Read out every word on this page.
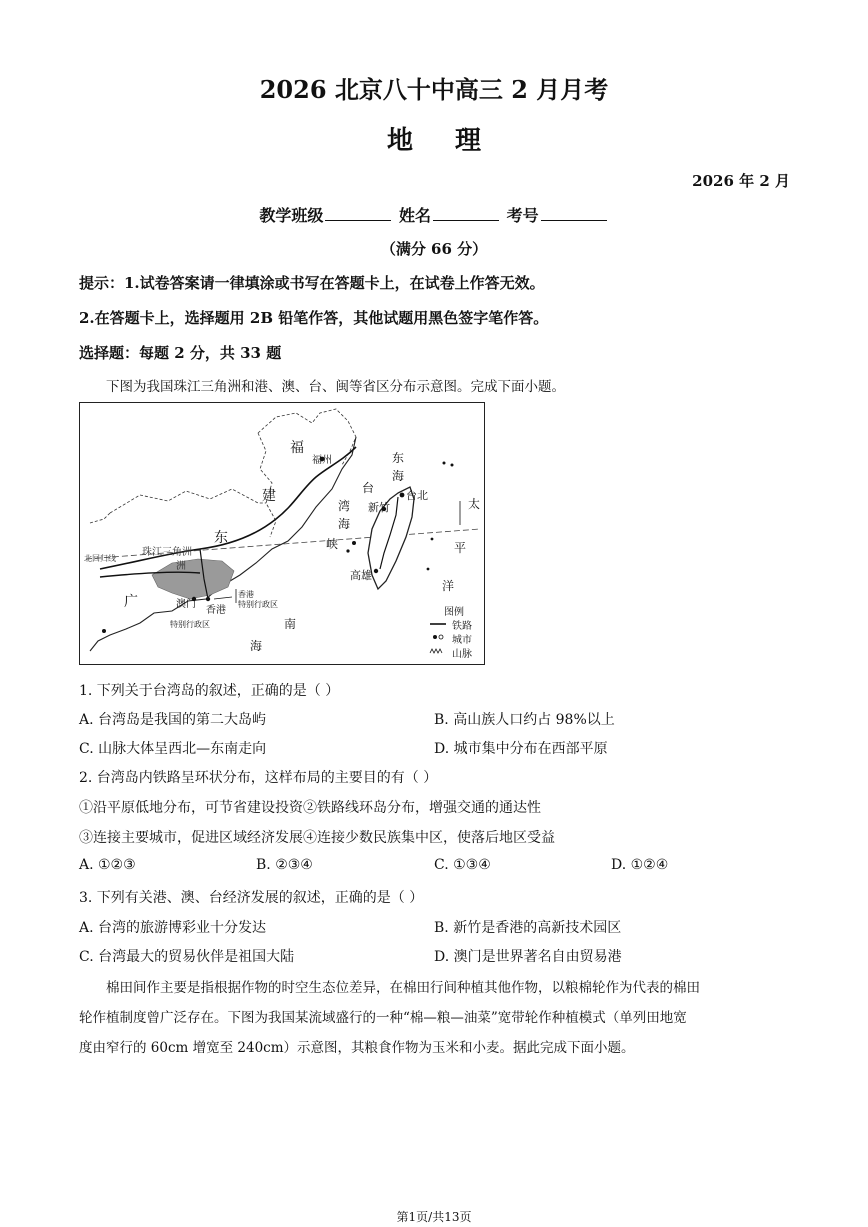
2026 北京八十中高三 2 月月考
地理
2026 年 2 月
教学班级	姓名	考号
（满分 66 分）
提示：1.试卷答案请一律填涂或书写在答题卡上，在试卷上作答无效。
2.在答题卡上，选择题用 2B 铅笔作答，其他试题用黑色签字笔作答。
选择题：每题 2 分，共 33 题
下图为我国珠江三角洲和港、澳、台、闽等省区分布示意图。完成下面小题。
福
福州
建
东
广
珠江三角洲
洲
北回归线
澳门
特别行政区
香港
香港
特别行政区
南
海
台
湾
海
峡
东
海
台北
新竹
高雄
太
平
洋
图例
铁路
城市
山脉
1. 下列关于台湾岛的叙述，正确的是（ ）
A. 台湾岛是我国的第二大岛屿	B. 高山族人口约占 98%以上
C. 山脉大体呈西北—东南走向	D. 城市集中分布在西部平原
2. 台湾岛内铁路呈环状分布，这样布局的主要目的有（ ）
①沿平原低地分布，可节省建设投资②铁路线环岛分布，增强交通的通达性
③连接主要城市，促进区域经济发展④连接少数民族集中区，使落后地区受益
A. ①②③	B. ②③④	C. ①③④	D. ①②④
3. 下列有关港、澳、台经济发展的叙述，正确的是（ ）
A. 台湾的旅游博彩业十分发达	B. 新竹是香港的高新技术园区
C. 台湾最大的贸易伙伴是祖国大陆	D. 澳门是世界著名自由贸易港
棉田间作主要是指根据作物的时空生态位差异，在棉田行间种植其他作物，以粮棉轮作为代表的棉田
轮作植制度曾广泛存在。下图为我国某流域盛行的一种“棉—粮—油菜”宽带轮作种植模式（单列田地宽
度由窄行的 60cm 增宽至 240cm）示意图，其粮食作物为玉米和小麦。据此完成下面小题。
第1页/共13页
